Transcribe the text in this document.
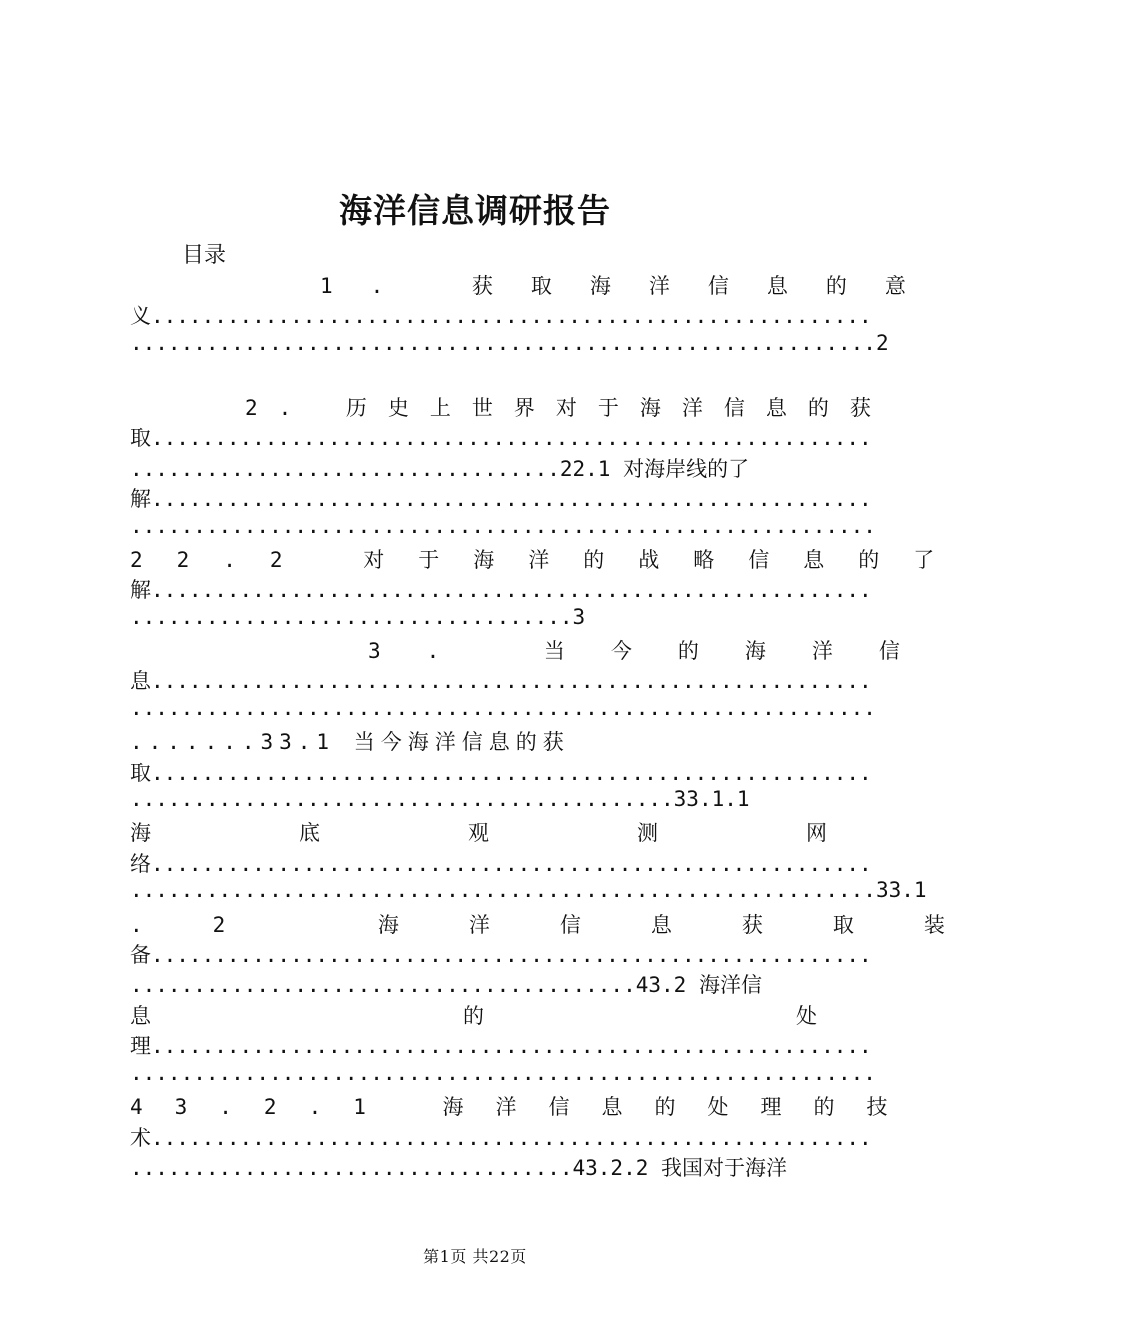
海洋信息调研报告
目录
1. 获取海洋信息的意
义.........................................................
...........................................................2
2. 历史上世界对于海洋信息的获
取.........................................................
..................................22.1 对海岸线的了
解.........................................................
...........................................................
22.2 对于海洋的战略信息的了
解.........................................................
...................................3
3. 当今的海洋信
息.........................................................
...........................................................
.......33.1 当今海洋信息的获
取.........................................................
...........................................33.1.1
海底观测网
络.........................................................
...........................................................33.1
.2 海洋信息获取装
备.........................................................
........................................43.2 海洋信
息的处
理.........................................................
...........................................................
43.2.1 海洋信息的处理的技
术.........................................................
...................................43.2.2 我国对于海洋
第1页 共22页
